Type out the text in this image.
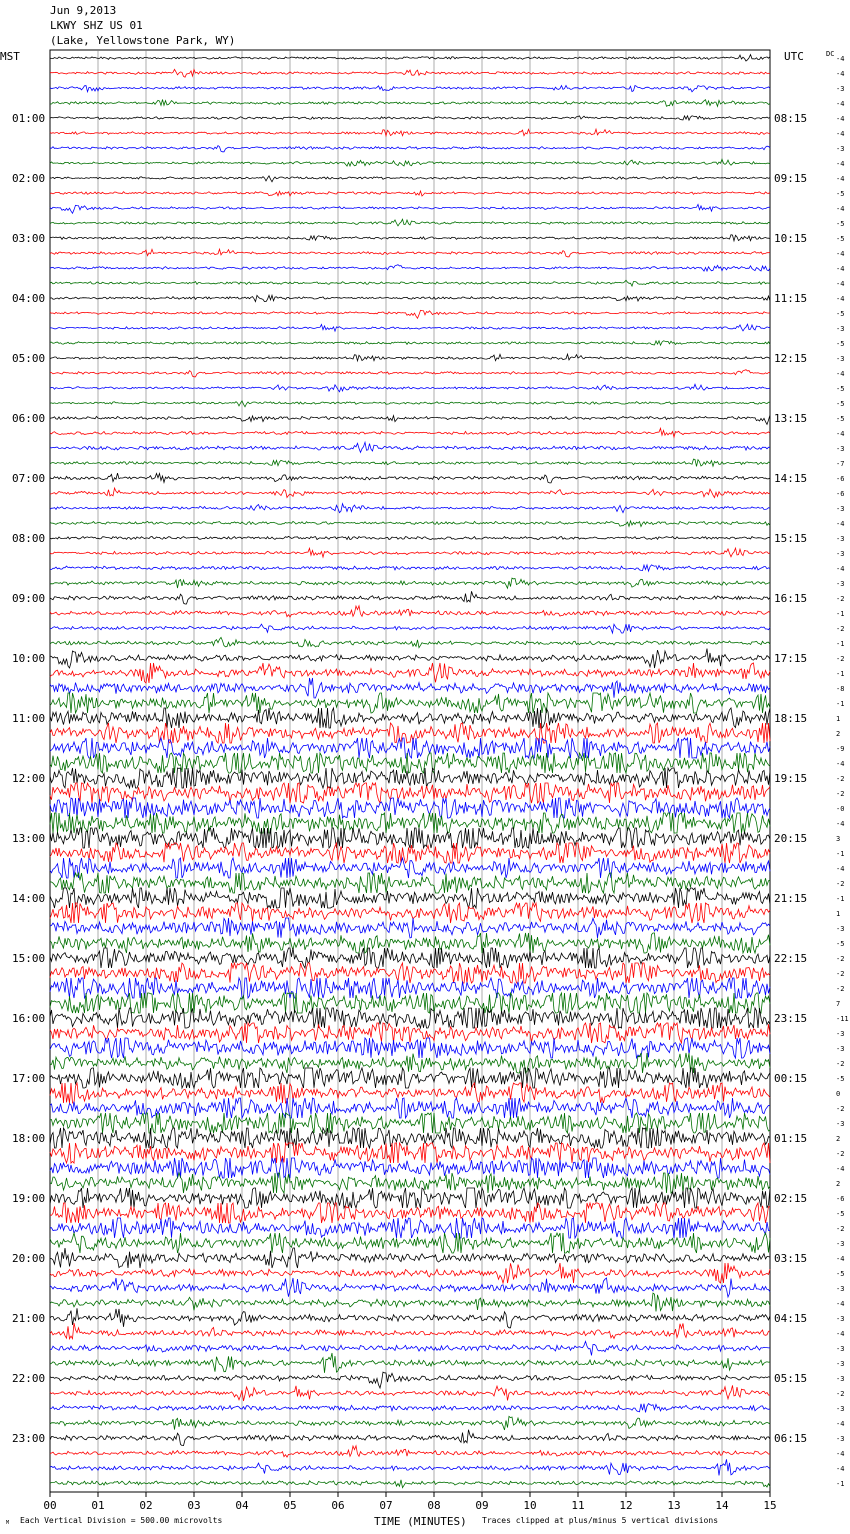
Jun 9,2013
LKWY SHZ US 01
(Lake, Yellowstone Park, WY)
MST	UTC	-4
-4
-3
-4
-4
-4
-3
-4
-4
-5
-4
-5
-5
-4
-4
-4
-4
-5
-3
-5
-3
-4
-5
-5
-5
-4
-3
-7
-6
-6
-3
-4
-3
-3
-4
-3
-2
-1
-2
-1
-2
-1
-8
-1
1
2
-9
-4
-2
-2
-0
-4
3
-1
-4
-2
-1
1
-3
-5
-2
-2
-2
7
-11
-3
-3
-2
-5
0
-2
-3
2
-2
-4
2
-6
-5
-2
-3
-4
-5
-3
-4
-3
-4
-3
-3
-3
-2
-3
-4
-3
-4
-4
-1
01:00	08:15
02:00	09:15
03:00	10:15
04:00	11:15
05:00	12:15
06:00	13:15
07:00	14:15
08:00	15:15
09:00	16:15
10:00	17:15
11:00	18:15
12:00	19:15
13:00	20:15
14:00	21:15
15:00	22:15
16:00	23:15
17:00	00:15
18:00	01:15
19:00	02:15
20:00	03:15
21:00	04:15
22:00	05:15
23:00	06:15
00	01	02	03	04	05	06	07	08	09	10	11	12	13	14	15
DC
M Each Vertical Division = 500.00 microvolts	TIME (MINUTES) Traces clipped at plus/minus 5 vertical divisions
